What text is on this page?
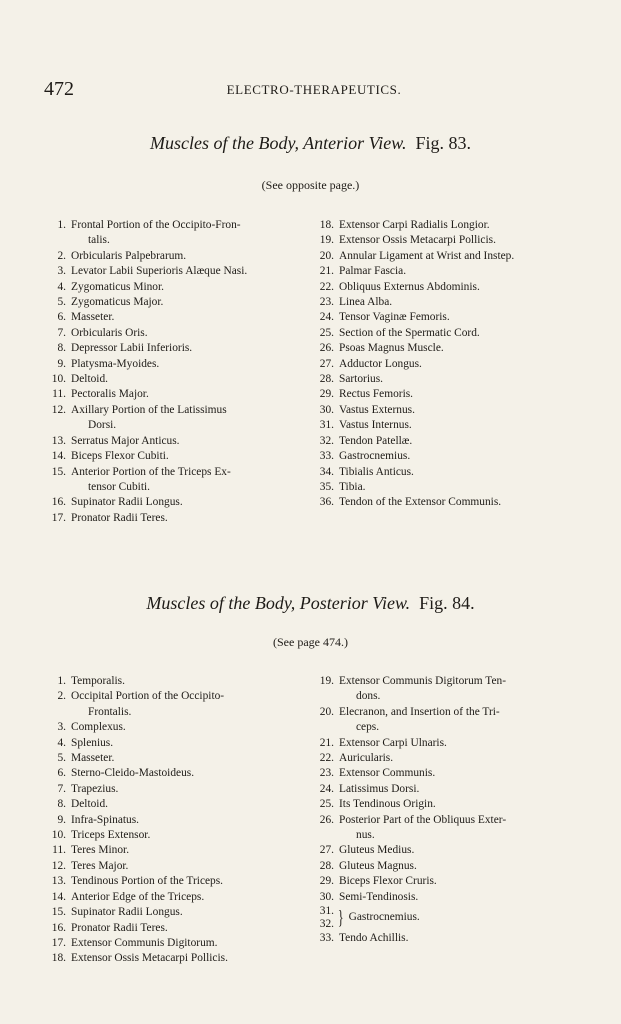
472	ELECTRO-THERAPEUTICS.
Muscles of the Body, Anterior View. Fig. 83.
(See opposite page.)
1. Frontal Portion of the Occipito-Fron-
talis.
2. Orbicularis Palpebrarum.
3. Levator Labii Superioris Alæque Nasi.
4. Zygomaticus Minor.
5. Zygomaticus Major.
6. Masseter.
7. Orbicularis Oris.
8. Depressor Labii Inferioris.
9. Platysma-Myoides.
10. Deltoid.
11. Pectoralis Major.
12. Axillary Portion of the Latissimus
Dorsi.
13. Serratus Major Anticus.
14. Biceps Flexor Cubiti.
15. Anterior Portion of the Triceps Ex-
tensor Cubiti.
16. Supinator Radii Longus.
17. Pronator Radii Teres.
18. Extensor Carpi Radialis Longior.
19. Extensor Ossis Metacarpi Pollicis.
20. Annular Ligament at Wrist and Instep.
21. Palmar Fascia.
22. Obliquus Externus Abdominis.
23. Linea Alba.
24. Tensor Vaginæ Femoris.
25. Section of the Spermatic Cord.
26. Psoas Magnus Muscle.
27. Adductor Longus.
28. Sartorius.
29. Rectus Femoris.
30. Vastus Externus.
31. Vastus Internus.
32. Tendon Patellæ.
33. Gastrocnemius.
34. Tibialis Anticus.
35. Tibia.
36. Tendon of the Extensor Communis.
Muscles of the Body, Posterior View. Fig. 84.
(See page 474.)
1. Temporalis.
2. Occipital Portion of the Occipito-
Frontalis.
3. Complexus.
4. Splenius.
5. Masseter.
6. Sterno-Cleido-Mastoideus.
7. Trapezius.
8. Deltoid.
9. Infra-Spinatus.
10. Triceps Extensor.
11. Teres Minor.
12. Teres Major.
13. Tendinous Portion of the Triceps.
14. Anterior Edge of the Triceps.
15. Supinator Radii Longus.
16. Pronator Radii Teres.
17. Extensor Communis Digitorum.
18. Extensor Ossis Metacarpi Pollicis.
19. Extensor Communis Digitorum Ten-
dons.
20. Elecranon, and Insertion of the Tri-
ceps.
21. Extensor Carpi Ulnaris.
22. Auricularis.
23. Extensor Communis.
24. Latissimus Dorsi.
25. Its Tendinous Origin.
26. Posterior Part of the Obliquus Exter-
nus.
27. Gluteus Medius.
28. Gluteus Magnus.
29. Biceps Flexor Cruris.
30. Semi-Tendinosis.
31.
32. } Gastrocnemius.
33. Tendo Achillis.
